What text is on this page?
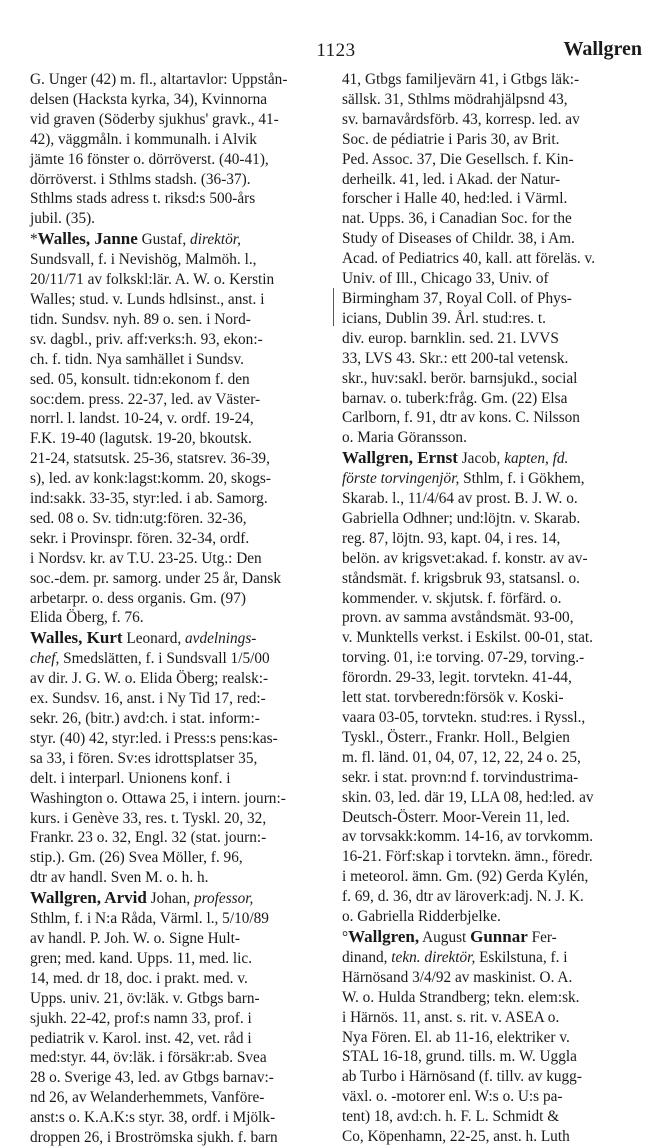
1123	Wallgren
G. Unger (42) m. fl., altartavlor: Uppstån-
delsen (Hacksta kyrka, 34), Kvinnorna
vid graven (Söderby sjukhus' gravk., 41-
42), väggmåln. i kommunalh. i Alvik
jämte 16 fönster o. dörröverst. (40-41),
dörröverst. i Sthlms stadsh. (36-37).
Sthlms stads adress t. riksd:s 500-års
jubil. (35).
*Walles, Janne Gustaf, direktör,
Sundsvall, f. i Nevishög, Malmöh. l.,
20/11/71 av folkskl:lär. A. W. o. Kerstin
Walles; stud. v. Lunds hdlsinst., anst. i
tidn. Sundsv. nyh. 89 o. sen. i Nord-
sv. dagbl., priv. aff:verks:h. 93, ekon:-
ch. f. tidn. Nya samhället i Sundsv.
sed. 05, konsult. tidn:ekonom f. den
soc:dem. press. 22-37, led. av Väster-
norrl. l. landst. 10-24, v. ordf. 19-24,
F.K. 19-40 (lagutsk. 19-20, bkoutsk.
21-24, statsutsk. 25-36, statsrev. 36-39,
s), led. av konk:lagst:komm. 20, skogs-
ind:sakk. 33-35, styr:led. i ab. Samorg.
sed. 08 o. Sv. tidn:utg:fören. 32-36,
sekr. i Provinspr. fören. 32-34, ordf.
i Nordsv. kr. av T.U. 23-25. Utg.: Den
soc.-dem. pr. samorg. under 25 år, Dansk
arbetarpr. o. dess organis. Gm. (97)
Elida Öberg, f. 76.
Walles, Kurt Leonard, avdelnings-
chef, Smedslätten, f. i Sundsvall 1/5/00
av dir. J. G. W. o. Elida Öberg; realsk:-
ex. Sundsv. 16, anst. i Ny Tid 17, red:-
sekr. 26, (bitr.) avd:ch. i stat. inform:-
styr. (40) 42, styr:led. i Press:s pens:kas-
sa 33, i fören. Sv:es idrottsplatser 35,
delt. i interparl. Unionens konf. i
Washington o. Ottawa 25, i intern. journ:-
kurs. i Genève 33, res. t. Tyskl. 20, 32,
Frankr. 23 o. 32, Engl. 32 (stat. journ:-
stip.). Gm. (26) Svea Möller, f. 96,
dtr av handl. Sven M. o. h. h.
Wallgren, Arvid Johan, professor,
Sthlm, f. i N:a Råda, Värml. l., 5/10/89
av handl. P. Joh. W. o. Signe Hult-
gren; med. kand. Upps. 11, med. lic.
14, med. dr 18, doc. i prakt. med. v.
Upps. univ. 21, öv:läk. v. Gtbgs barn-
sjukh. 22-42, prof:s namn 33, prof. i
pediatrik v. Karol. inst. 42, vet. råd i
med:styr. 44, öv:läk. i försäkr:ab. Svea
28 o. Sverige 43, led. av Gtbgs barnav:-
nd 26, av Welanderhemmets, Vanföre-
anst:s o. K.A.K:s styr. 38, ordf. i Mjölk-
droppen 26, i Broströmska sjukh. f. barn
41, Gtbgs familjevärn 41, i Gtbgs läk:-
sällsk. 31, Sthlms mödrahjälpsnd 43,
sv. barnavårdsförb. 43, korresp. led. av
Soc. de pédiatrie i Paris 30, av Brit.
Ped. Assoc. 37, Die Gesellsch. f. Kin-
derheilk. 41, led. i Akad. der Natur-
forscher i Halle 40, hed:led. i Värml.
nat. Upps. 36, i Canadian Soc. for the
Study of Diseases of Childr. 38, i Am.
Acad. of Pediatrics 40, kall. att föreläs. v.
Univ. of Ill., Chicago 33, Univ. of
Birmingham 37, Royal Coll. of Phys-
icians, Dublin 39. Årl. stud:res. t.
div. europ. barnklin. sed. 21. LVVS
33, LVS 43. Skr.: ett 200-tal vetensk.
skr., huv:sakl. berör. barnsjukd., social
barnav. o. tuberk:fråg. Gm. (22) Elsa
Carlborn, f. 91, dtr av kons. C. Nilsson
o. Maria Göransson.
Wallgren, Ernst Jacob, kapten, fd.
förste torvingenjör, Sthlm, f. i Gökhem,
Skarab. l., 11/4/64 av prost. B. J. W. o.
Gabriella Odhner; und:löjtn. v. Skarab.
reg. 87, löjtn. 93, kapt. 04, i res. 14,
belön. av krigsvet:akad. f. konstr. av av-
ståndsmät. f. krigsbruk 93, statsansl. o.
kommender. v. skjutsk. f. förfärd. o.
provn. av samma avståndsmät. 93-00,
v. Munktells verkst. i Eskilst. 00-01, stat.
torving. 01, i:e torving. 07-29, torving.-
förordn. 29-33, legit. torvtekn. 41-44,
lett stat. torvberedn:försök v. Koski-
vaara 03-05, torvtekn. stud:res. i Ryssl.,
Tyskl., Österr., Frankr. Holl., Belgien
m. fl. länd. 01, 04, 07, 12, 22, 24 o. 25,
sekr. i stat. provn:nd f. torvindustrima-
skin. 03, led. där 19, LLA 08, hed:led. av
Deutsch-Österr. Moor-Verein 11, led.
av torvsakk:komm. 14-16, av torvkomm.
16-21. Förf:skap i torvtekn. ämn., föredr.
i meteorol. ämn. Gm. (92) Gerda Kylén,
f. 69, d. 36, dtr av läroverk:adj. N. J. K.
o. Gabriella Ridderbjelke.
°Wallgren, August Gunnar Fer-
dinand, tekn. direktör, Eskilstuna, f. i
Härnösand 3/4/92 av maskinist. O. A.
W. o. Hulda Strandberg; tekn. elem:sk.
i Härnös. 11, anst. s. rit. v. ASEA o.
Nya Fören. El. ab 11-16, elektriker v.
STAL 16-18, grund. tills. m. W. Uggla
ab Turbo i Härnösand (f. tillv. av kugg-
växl. o. -motorer enl. W:s o. U:s pa-
tent) 18, avd:ch. h. F. L. Schmidt &
Co, Köpenhamn, 22-25, anst. h. Luth
